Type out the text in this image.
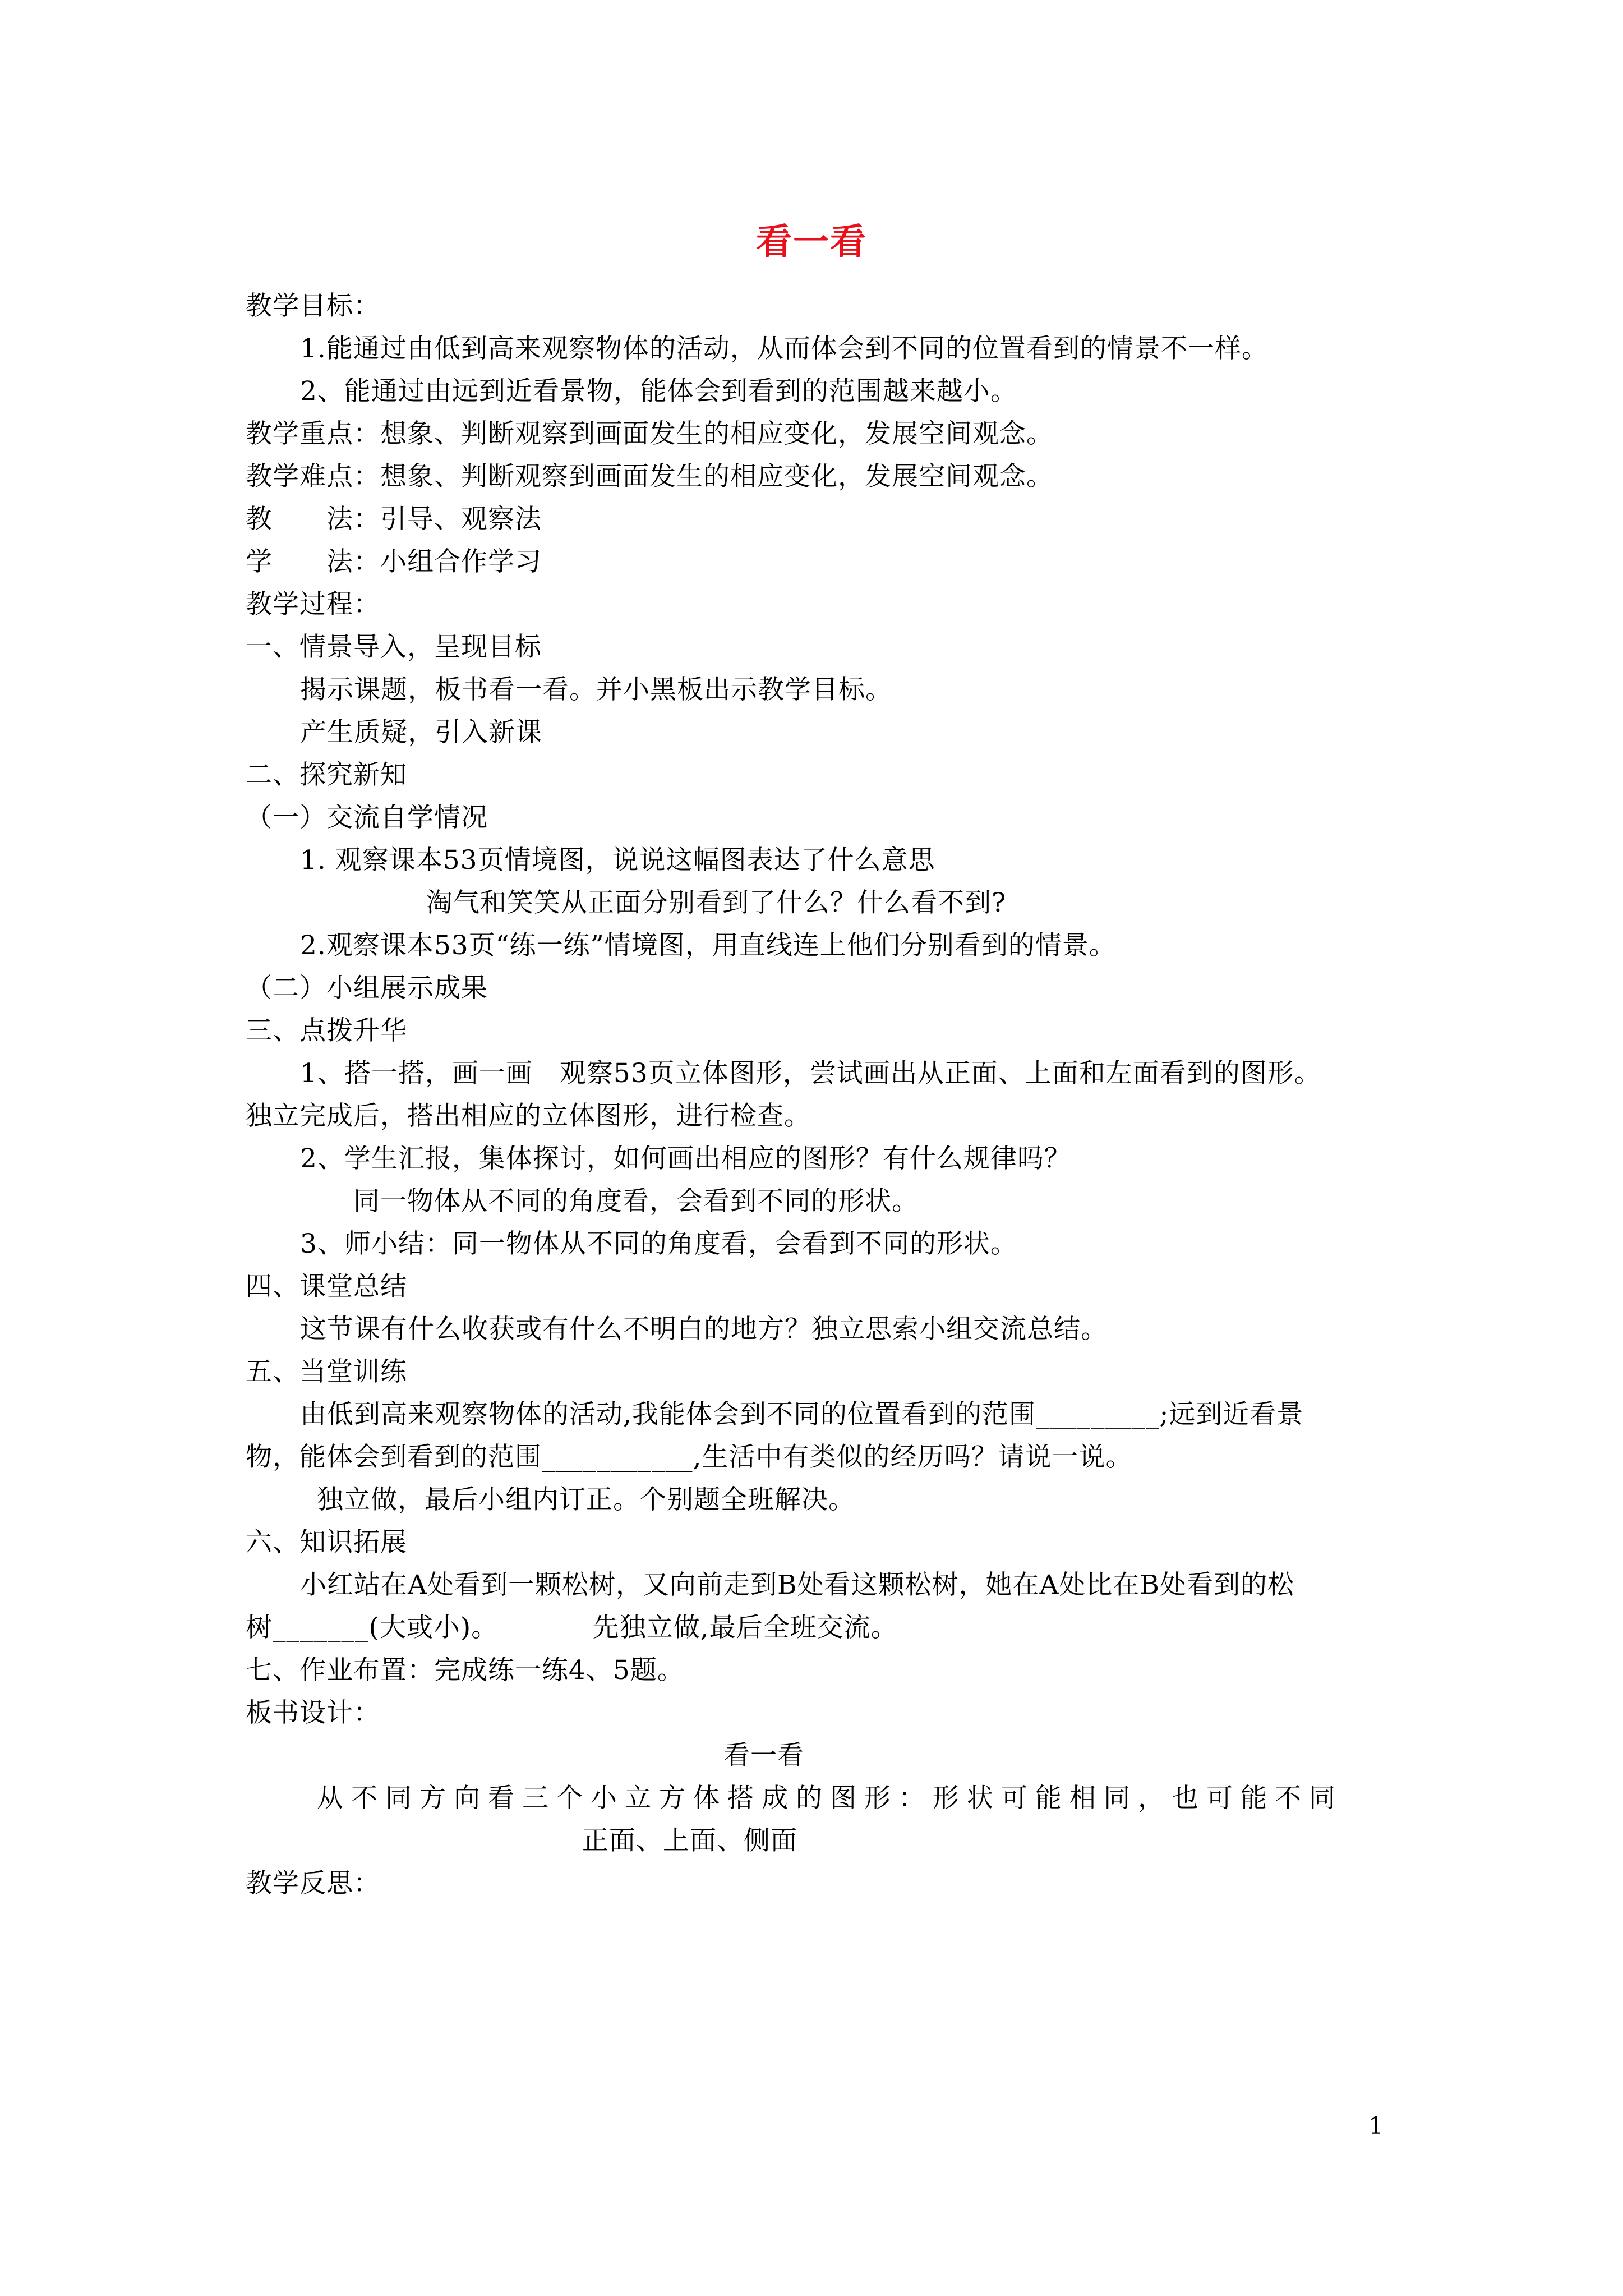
看一看
教学目标：
1.能通过由低到高来观察物体的活动，从而体会到不同的位置看到的情景不一样。
2、能通过由远到近看景物，能体会到看到的范围越来越小。
教学重点：想象、判断观察到画面发生的相应变化，发展空间观念。
教学难点：想象、判断观察到画面发生的相应变化，发展空间观念。
教　　法：引导、观察法
学　　法：小组合作学习
教学过程：
一、情景导入，呈现目标
揭示课题，板书看一看。并小黑板出示教学目标。
产生质疑，引入新课
二、探究新知
（一）交流自学情况
1. 观察课本53页情境图，说说这幅图表达了什么意思
淘气和笑笑从正面分别看到了什么？什么看不到?
2.观察课本53页“练一练”情境图，用直线连上他们分别看到的情景。
（二）小组展示成果
三、点拨升华
1、搭一搭，画一画　观察53页立体图形，尝试画出从正面、上面和左面看到的图形。
独立完成后，搭出相应的立体图形，进行检查。
2、学生汇报，集体探讨，如何画出相应的图形？有什么规律吗？
同一物体从不同的角度看，会看到不同的形状。
3、师小结：同一物体从不同的角度看，会看到不同的形状。
四、课堂总结
这节课有什么收获或有什么不明白的地方？独立思索小组交流总结。
五、当堂训练
由低到高来观察物体的活动,我能体会到不同的位置看到的范围_________;远到近看景
物，能体会到看到的范围___________,生活中有类似的经历吗？请说一说。
独立做，最后小组内订正。个别题全班解决。
六、知识拓展
小红站在A处看到一颗松树，又向前走到B处看这颗松树，她在A处比在B处看到的松
树_______(大或小)。　　　　先独立做,最后全班交流。
七、作业布置：完成练一练4、5题。
板书设计：
看一看
从不同方向看三个小立方体搭成的图形：形状可能相同，也可能不同
正面、上面、侧面
教学反思：
1
